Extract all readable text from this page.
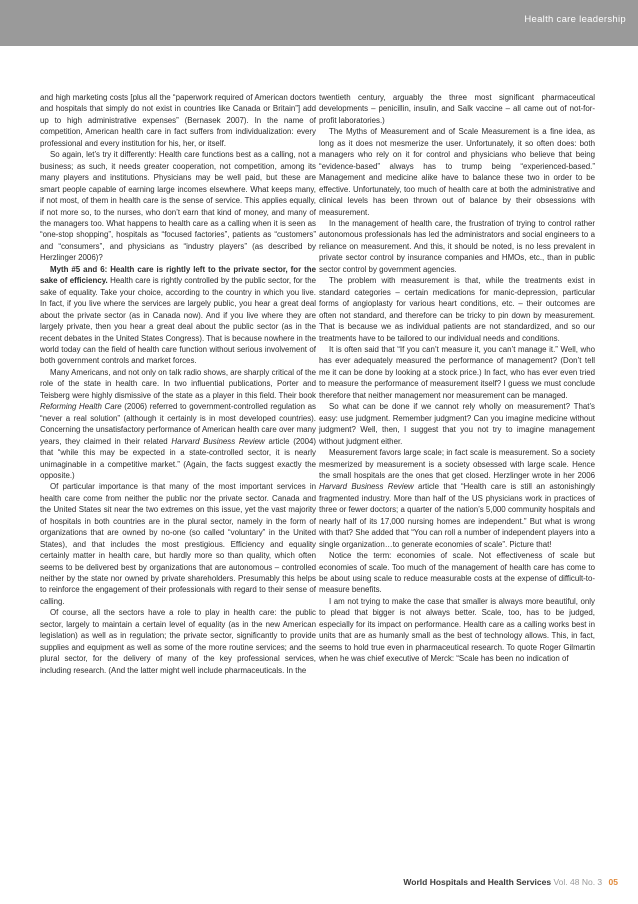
Health care leadership

and high marketing costs [plus all the “paperwork required of American doctors and hospitals that simply do not exist in countries like Canada or Britain”] add up to high administrative expenses” (Bernasek 2007). In the name of competition, American health care in fact suffers from individualization: every professional and every institution for his, her, or itself.

So again, let’s try it differently: Health care functions best as a calling, not a business; as such, it needs greater cooperation, not competition, among its many players and institutions. Physicians may be well paid, but these are smart people capable of earning large incomes elsewhere. What keeps many, if not most, of them in health care is the sense of service. This applies equally, if not more so, to the nurses, who don’t earn that kind of money, and many of the managers too. What happens to health care as a calling when it is seen as “one-stop shopping”, hospitals as “focused factories”, patients as “customers” and “consumers”, and physicians as “industry players” (as described by Herzlinger 2006)?

Myth #5 and 6: Health care is rightly left to the private sector, for the sake of efficiency. Health care is rightly controlled by the public sector, for the sake of equality. Take your choice, according to the country in which you live. In fact, if you live where the services are largely public, you hear a great deal about the private sector (as in Canada now). And if you live where they are largely private, then you hear a great deal about the public sector (as in the recent debates in the United States Congress). That is because nowhere in the world today can the field of health care function without serious involvement of both government controls and market forces.

Many Americans, and not only on talk radio shows, are sharply critical of the role of the state in health care. In two influential publications, Porter and Teisberg were highly dismissive of the state as a player in this field. Their book Reforming Health Care (2006) referred to government-controlled regulation as “never a real solution” (although it certainly is in most developed countries). Concerning the unsatisfactory performance of American health care over many years, they claimed in their related Harvard Business Review article (2004) that “while this may be expected in a state-controlled sector, it is nearly unimaginable in a competitive market.” (Again, the facts suggest exactly the opposite.)

Of particular importance is that many of the most important services in health care come from neither the public nor the private sector. Canada and the United States sit near the two extremes on this issue, yet the vast majority of hospitals in both countries are in the plural sector, namely in the form of organizations that are owned by no-one (so called “voluntary” in the United States), and that includes the most prestigious. Efficiency and equality certainly matter in health care, but hardly more so than quality, which often seems to be delivered best by organizations that are autonomous – controlled neither by the state nor owned by private shareholders. Presumably this helps to reinforce the engagement of their professionals with regard to their sense of calling.

Of course, all the sectors have a role to play in health care: the public sector, largely to maintain a certain level of equality (as in the new American legislation) as well as in regulation; the private sector, significantly to provide supplies and equipment as well as some of the more routine services; and the plural sector, for the delivery of many of the key professional services, including research. (And the latter might well include pharmaceuticals. In the

twentieth century, arguably the three most significant pharmaceutical developments – penicillin, insulin, and Salk vaccine – all came out of not-for-profit laboratories.)

The Myths of Measurement and of Scale Measurement is a fine idea, as long as it does not mesmerize the user. Unfortunately, it so often does: both managers who rely on it for control and physicians who believe that being “evidence-based” always has to trump being “experienced-based.” Management and medicine alike have to balance these two in order to be effective. Unfortunately, too much of health care at both the administrative and clinical levels has been thrown out of balance by their obsessions with measurement.

In the management of health care, the frustration of trying to control rather autonomous professionals has led the administrators and social engineers to a reliance on measurement. And this, it should be noted, is no less prevalent in private sector control by insurance companies and HMOs, etc., than in public sector control by government agencies.

The problem with measurement is that, while the treatments exist in standard categories – certain medications for manic-depression, particular forms of angioplasty for various heart conditions, etc. – their outcomes are often not standard, and therefore can be tricky to pin down by measurement. That is because we as individual patients are not standardized, and so our treatments have to be tailored to our individual needs and conditions.

It is often said that “If you can’t measure it, you can’t manage it.” Well, who has ever adequately measured the performance of management? (Don’t tell me it can be done by looking at a stock price.) In fact, who has ever even tried to measure the performance of measurement itself? I guess we must conclude therefore that neither management nor measurement can be managed.

So what can be done if we cannot rely wholly on measurement? That’s easy: use judgment. Remember judgment? Can you imagine medicine without judgment? Well, then, I suggest that you not try to imagine management without judgment either.

Measurement favors large scale; in fact scale is measurement. So a society mesmerized by measurement is a society obsessed with large scale. Hence the small hospitals are the ones that get closed. Herzlinger wrote in her 2006 Harvard Business Review article that “Health care is still an astonishingly fragmented industry. More than half of the US physicians work in practices of three or fewer doctors; a quarter of the nation’s 5,000 community hospitals and nearly half of its 17,000 nursing homes are independent.” But what is wrong with that? She added that “You can roll a number of independent players into a single organization…to generate economies of scale”. Picture that!

Notice the term: economies of scale. Not effectiveness of scale but economies of scale. Too much of the management of health care has come to be about using scale to reduce measurable costs at the expense of difficult-to-measure benefits.

I am not trying to make the case that smaller is always more beautiful, only to plead that bigger is not always better. Scale, too, has to be judged, especially for its impact on performance. Health care as a calling works best in units that are as humanly small as the best of technology allows. This, in fact, seems to hold true even in pharmaceutical research. To quote Roger Gilmartin when he was chief executive of Merck: “Scale has been no indication of

World Hospitals and Health Services Vol. 48 No. 3 05
